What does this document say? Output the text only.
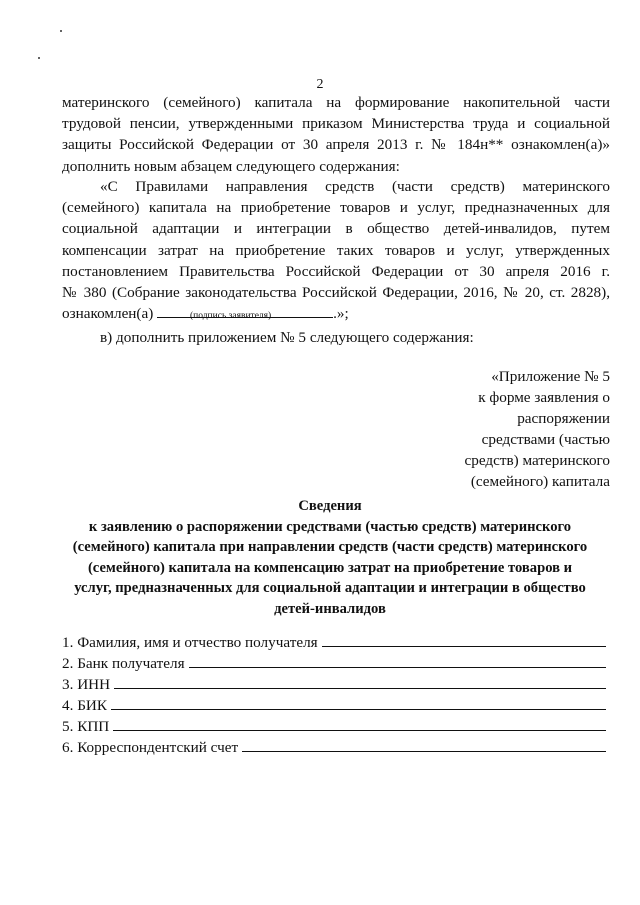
2
материнского (семейного) капитала на формирование накопительной части
трудовой пенсии, утвержденными приказом Министерства труда и социальной
защиты Российской Федерации от 30 апреля 2013 г. № 184н** ознакомлен(а)»
дополнить новым абзацем следующего содержания:
«С Правилами направления средств (части средств) материнского
(семейного) капитала на приобретение товаров и услуг, предназначенных для
социальной адаптации и интеграции в общество детей-инвалидов, путем
компенсации затрат на приобретение таких товаров и услуг, утвержденных
постановлением Правительства Российской Федерации от 30 апреля 2016 г.
№ 380 (Собрание законодательства Российской Федерации, 2016, № 20, ст. 2828),
ознакомлен(а)	.»;
(подпись заявителя)
в) дополнить приложением № 5 следующего содержания:
«Приложение № 5
к форме заявления о
распоряжении
средствами (частью
средств) материнского
(семейного) капитала
Сведения
к заявлению о распоряжении средствами (частью средств) материнского
(семейного) капитала при направлении средств (части средств) материнского
(семейного) капитала на компенсацию затрат на приобретение товаров и
услуг, предназначенных для социальной адаптации и интеграции в общество
детей-инвалидов
1. Фамилия, имя и отчество получателя
2. Банк получателя
3. ИНН
4. БИК
5. КПП
6. Корреспондентский счет
